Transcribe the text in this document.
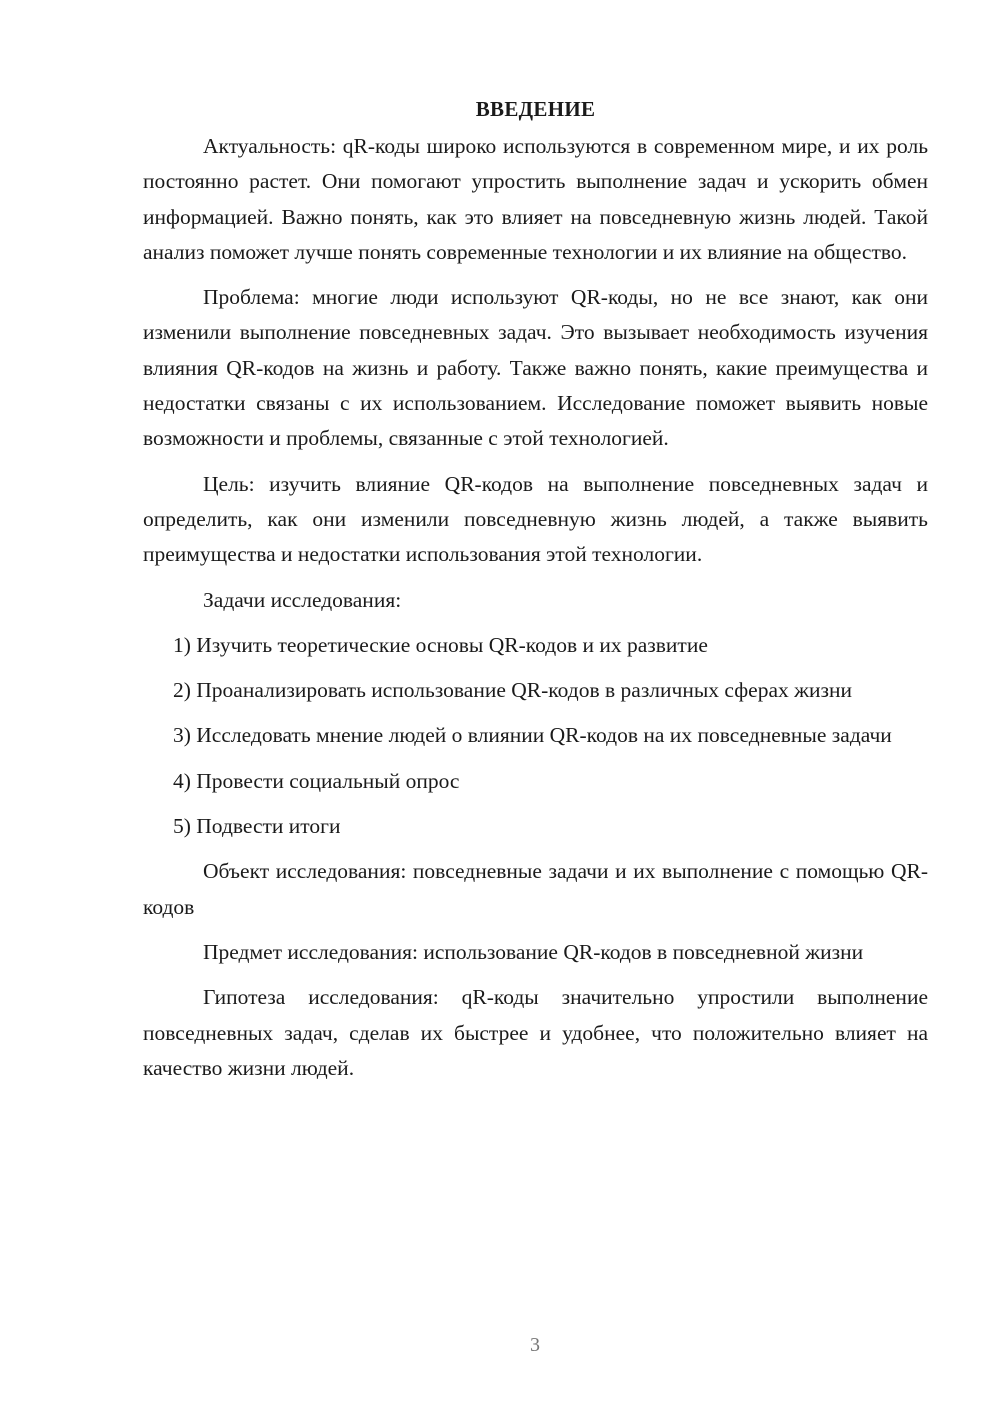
ВВЕДЕНИЕ

Актуальность: qR-коды широко используются в современном мире, и их роль постоянно растет. Они помогают упростить выполнение задач и ускорить обмен информацией. Важно понять, как это влияет на повседневную жизнь людей. Такой анализ поможет лучше понять современные технологии и их влияние на общество.

Проблема: многие люди используют QR-коды, но не все знают, как они изменили выполнение повседневных задач. Это вызывает необходимость изучения влияния QR-кодов на жизнь и работу. Также важно понять, какие преимущества и недостатки связаны с их использованием. Исследование поможет выявить новые возможности и проблемы, связанные с этой технологией.

Цель: изучить влияние QR-кодов на выполнение повседневных задач и определить, как они изменили повседневную жизнь людей, а также выявить преимущества и недостатки использования этой технологии.

Задачи исследования:

1) Изучить теоретические основы QR-кодов и их развитие

2) Проанализировать использование QR-кодов в различных сферах жизни

3) Исследовать мнение людей о влиянии QR-кодов на их повседневные задачи

4) Провести социальный опрос

5) Подвести итоги

Объект исследования: повседневные задачи и их выполнение с помощью QR-кодов

Предмет исследования: использование QR-кодов в повседневной жизни

Гипотеза исследования: qR-коды значительно упростили выполнение повседневных задач, сделав их быстрее и удобнее, что положительно влияет на качество жизни людей.

3
